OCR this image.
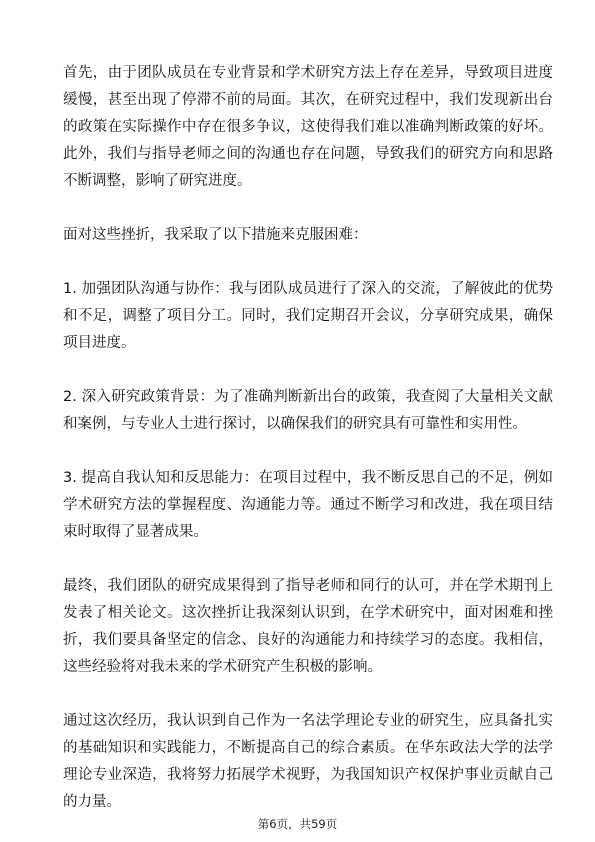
首先，由于团队成员在专业背景和学术研究方法上存在差异，导致项目进度缓慢，甚至出现了停滞不前的局面。其次，在研究过程中，我们发现新出台的政策在实际操作中存在很多争议，这使得我们难以准确判断政策的好坏。此外，我们与指导老师之间的沟通也存在问题，导致我们的研究方向和思路不断调整，影响了研究进度。

面对这些挫折，我采取了以下措施来克服困难：

1. 加强团队沟通与协作：我与团队成员进行了深入的交流，了解彼此的优势和不足，调整了项目分工。同时，我们定期召开会议，分享研究成果，确保项目进度。

2. 深入研究政策背景：为了准确判断新出台的政策，我查阅了大量相关文献和案例，与专业人士进行探讨，以确保我们的研究具有可靠性和实用性。

3. 提高自我认知和反思能力：在项目过程中，我不断反思自己的不足，例如学术研究方法的掌握程度、沟通能力等。通过不断学习和改进，我在项目结束时取得了显著成果。

最终，我们团队的研究成果得到了指导老师和同行的认可，并在学术期刊上发表了相关论文。这次挫折让我深刻认识到，在学术研究中，面对困难和挫折，我们要具备坚定的信念、良好的沟通能力和持续学习的态度。我相信，这些经验将对我未来的学术研究产生积极的影响。

通过这次经历，我认识到自己作为一名法学理论专业的研究生，应具备扎实的基础知识和实践能力，不断提高自己的综合素质。在华东政法大学的法学理论专业深造，我将努力拓展学术视野，为我国知识产权保护事业贡献自己的力量。

第6页，共59页
